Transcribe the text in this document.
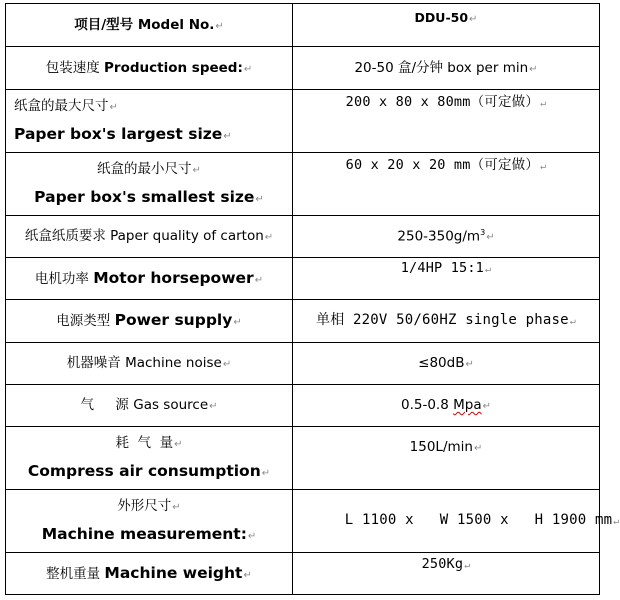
项目/型号 Model No.↵	DDU-50↵
包装速度 Production speed:↵	20-50 盒/分钟 box per min↵

纸盒的最大尺寸↵
Paper box's largest size↵	200 x 80 x 80mm（可定做）↵

纸盒的最小尺寸↵
Paper box's smallest size↵	60 x 20 x 20 mm（可定做）↵
纸盒纸质要求 Paper quality of carton↵	$250-350g/m^3↵$
电机功率 Motor horsepower↵	1/4HP 15:1↵
电源类型 Power supply↵	单相 220V 50/60HZ single phase↵
机器噪音 Machine noise↵	≤80dB↵
气     源 Gas source↵	0.5-0.8 Mpa↵

耗  气  量↵
Compress air consumption↵	150L/min↵

外形尺寸↵
Machine measurement:↵	L 1100 x   W 1500 x   H 1900 mm↵

整机重量 Machine weight↵	250Kg↵
